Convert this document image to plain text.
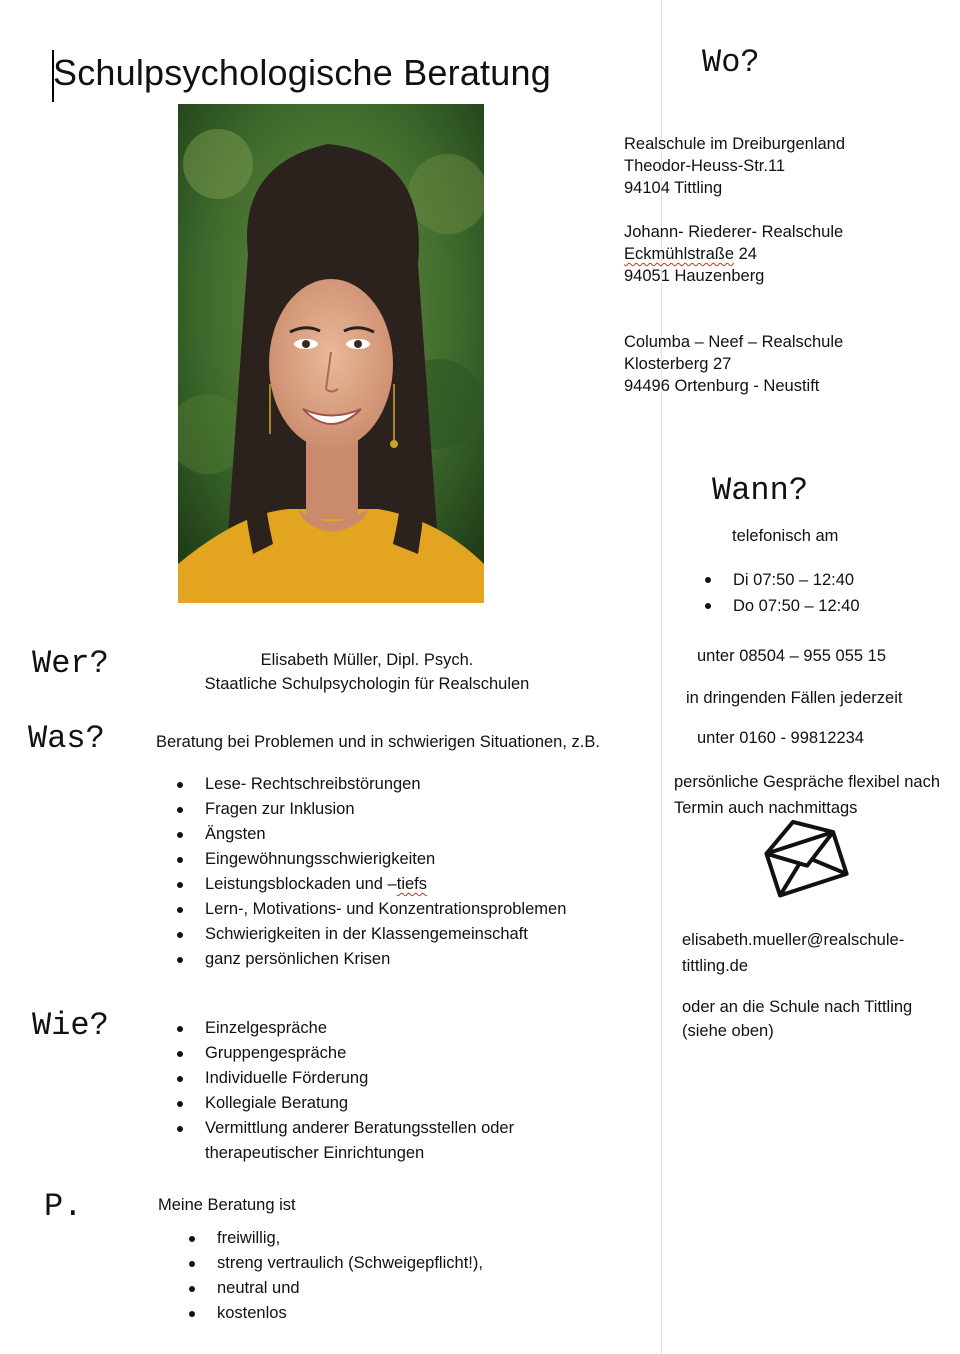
Schulpsychologische Beratung	Wo?
Realschule im Dreiburgenland
Theodor-Heuss-Str.11
94104 Tittling
Johann- Riederer- Realschule
Eckmühlstraße 24
94051 Hauzenberg
Columba – Neef – Realschule
Klosterberg 27
94496 Ortenburg - Neustift
Wann?
telefonisch am
Di 07:50 – 12:40
Do 07:50 – 12:40
unter 08504 – 955 055 15
in dringenden Fällen jederzeit
unter 0160 - 99812234
persönliche Gespräche flexibel nach
Termin auch nachmittags
elisabeth.mueller@realschule-
tittling.de
oder an die Schule nach Tittling
(siehe oben)
Wer?	Elisabeth Müller, Dipl. Psych.
Staatliche Schulpsychologin für Realschulen
Was?	Beratung bei Problemen und in schwierigen Situationen, z.B.
Lese- Rechtschreibstörungen
Fragen zur Inklusion
Ängsten
Eingewöhnungsschwierigkeiten
Leistungsblockaden und –tiefs
Lern-, Motivations- und Konzentrationsproblemen
Schwierigkeiten in der Klassengemeinschaft
ganz persönlichen Krisen
Wie?	Einzelgespräche
Gruppengespräche
Individuelle Förderung
Kollegiale Beratung
Vermittlung anderer Beratungsstellen oder
therapeutischer Einrichtungen
P.	Meine Beratung ist
freiwillig,
streng vertraulich (Schweigepflicht!),
neutral und
kostenlos
